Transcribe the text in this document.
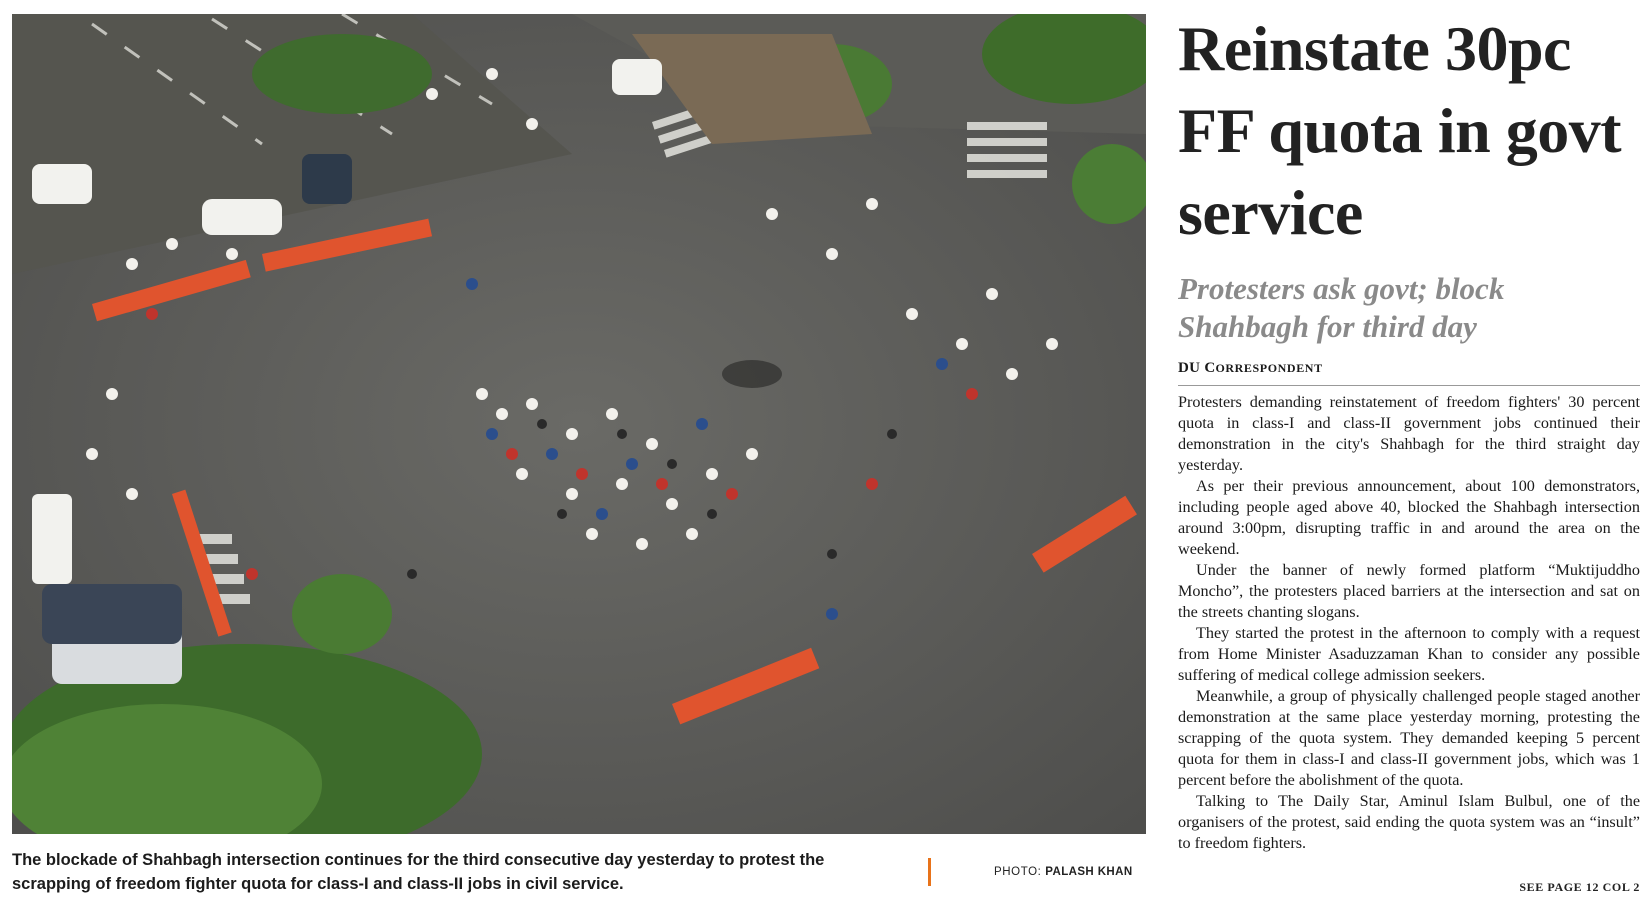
The blockade of Shahbagh intersection continues for the third consecutive day yesterday to protest the scrapping of freedom fighter quota for class-I and class-II jobs in civil service.
PHOTO: PALASH KHAN
Reinstate 30pc FF quota in govt service
Protesters ask govt; block Shahbagh for third day
DU CORRESPONDENT

Protesters demanding reinstatement of freedom fighters' 30 percent quota in class-I and class-II government jobs continued their demonstration in the city's Shahbagh for the third straight day yesterday.

As per their previous announcement, about 100 demonstrators, including people aged above 40, blocked the Shahbagh intersection around 3:00pm, disrupting traffic in and around the area on the weekend.

Under the banner of newly formed platform “Muktijuddho Moncho”, the protesters placed barriers at the intersection and sat on the streets chanting slogans.

They started the protest in the afternoon to comply with a request from Home Minister Asaduzzaman Khan to consider any possible suffering of medical college admission seekers.

Meanwhile, a group of physically challenged people staged another demonstration at the same place yesterday morning, protesting the scrapping of the quota system. They demanded keeping 5 percent quota for them in class-I and class-II government jobs, which was 1 percent before the abolishment of the quota.

Talking to The Daily Star, Aminul Islam Bulbul, one of the organisers of the protest, said ending the quota system was an “insult” to freedom fighters.

SEE PAGE 12 COL 2
